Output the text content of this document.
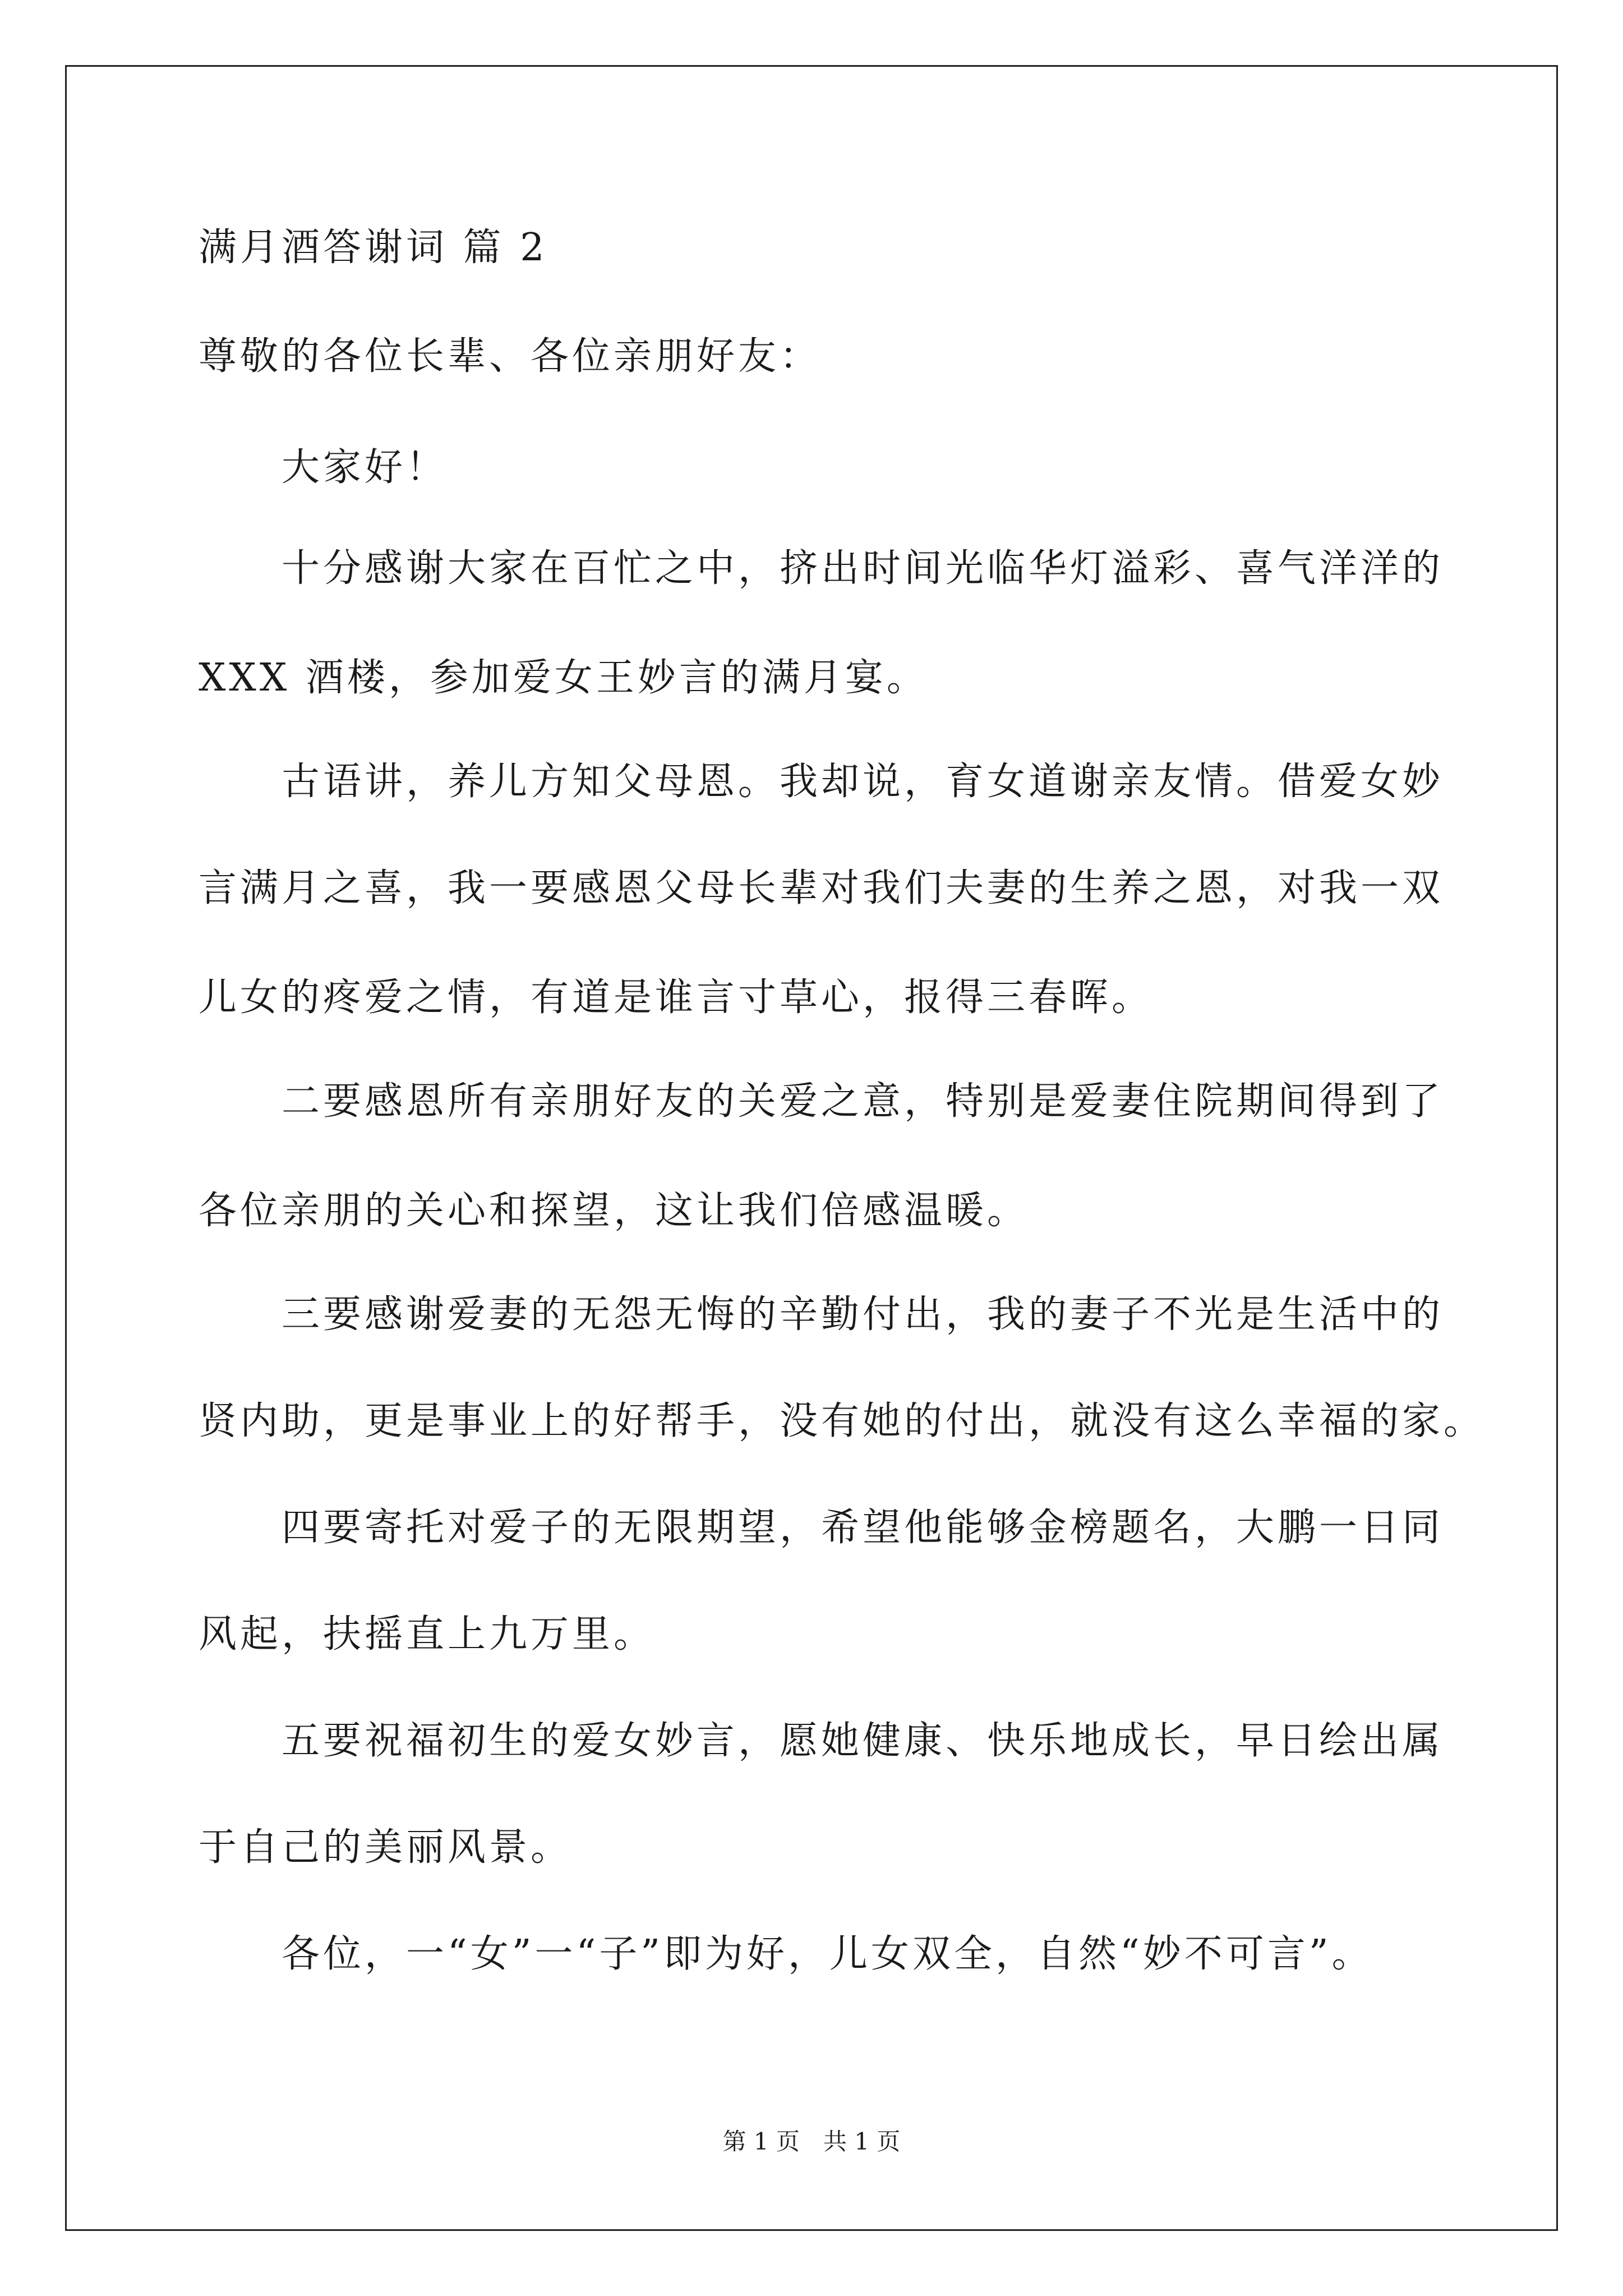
满月酒答谢词 篇 2
尊敬的各位长辈、各位亲朋好友：
　　大家好！
　　十分感谢大家在百忙之中，挤出时间光临华灯溢彩、喜气洋洋的
XXX 酒楼，参加爱女王妙言的满月宴。
　　古语讲，养儿方知父母恩。我却说，育女道谢亲友情。借爱女妙
言满月之喜，我一要感恩父母长辈对我们夫妻的生养之恩，对我一双
儿女的疼爱之情，有道是谁言寸草心，报得三春晖。
　　二要感恩所有亲朋好友的关爱之意，特别是爱妻住院期间得到了
各位亲朋的关心和探望，这让我们倍感温暖。
　　三要感谢爱妻的无怨无悔的辛勤付出，我的妻子不光是生活中的
贤内助，更是事业上的好帮手，没有她的付出，就没有这么幸福的家。
　　四要寄托对爱子的无限期望，希望他能够金榜题名，大鹏一日同
风起，扶摇直上九万里。
　　五要祝福初生的爱女妙言，愿她健康、快乐地成长，早日绘出属
于自己的美丽风景。
　　各位，一“女”一“子”即为好，儿女双全，自然“妙不可言”。
第 1 页　共 1 页
